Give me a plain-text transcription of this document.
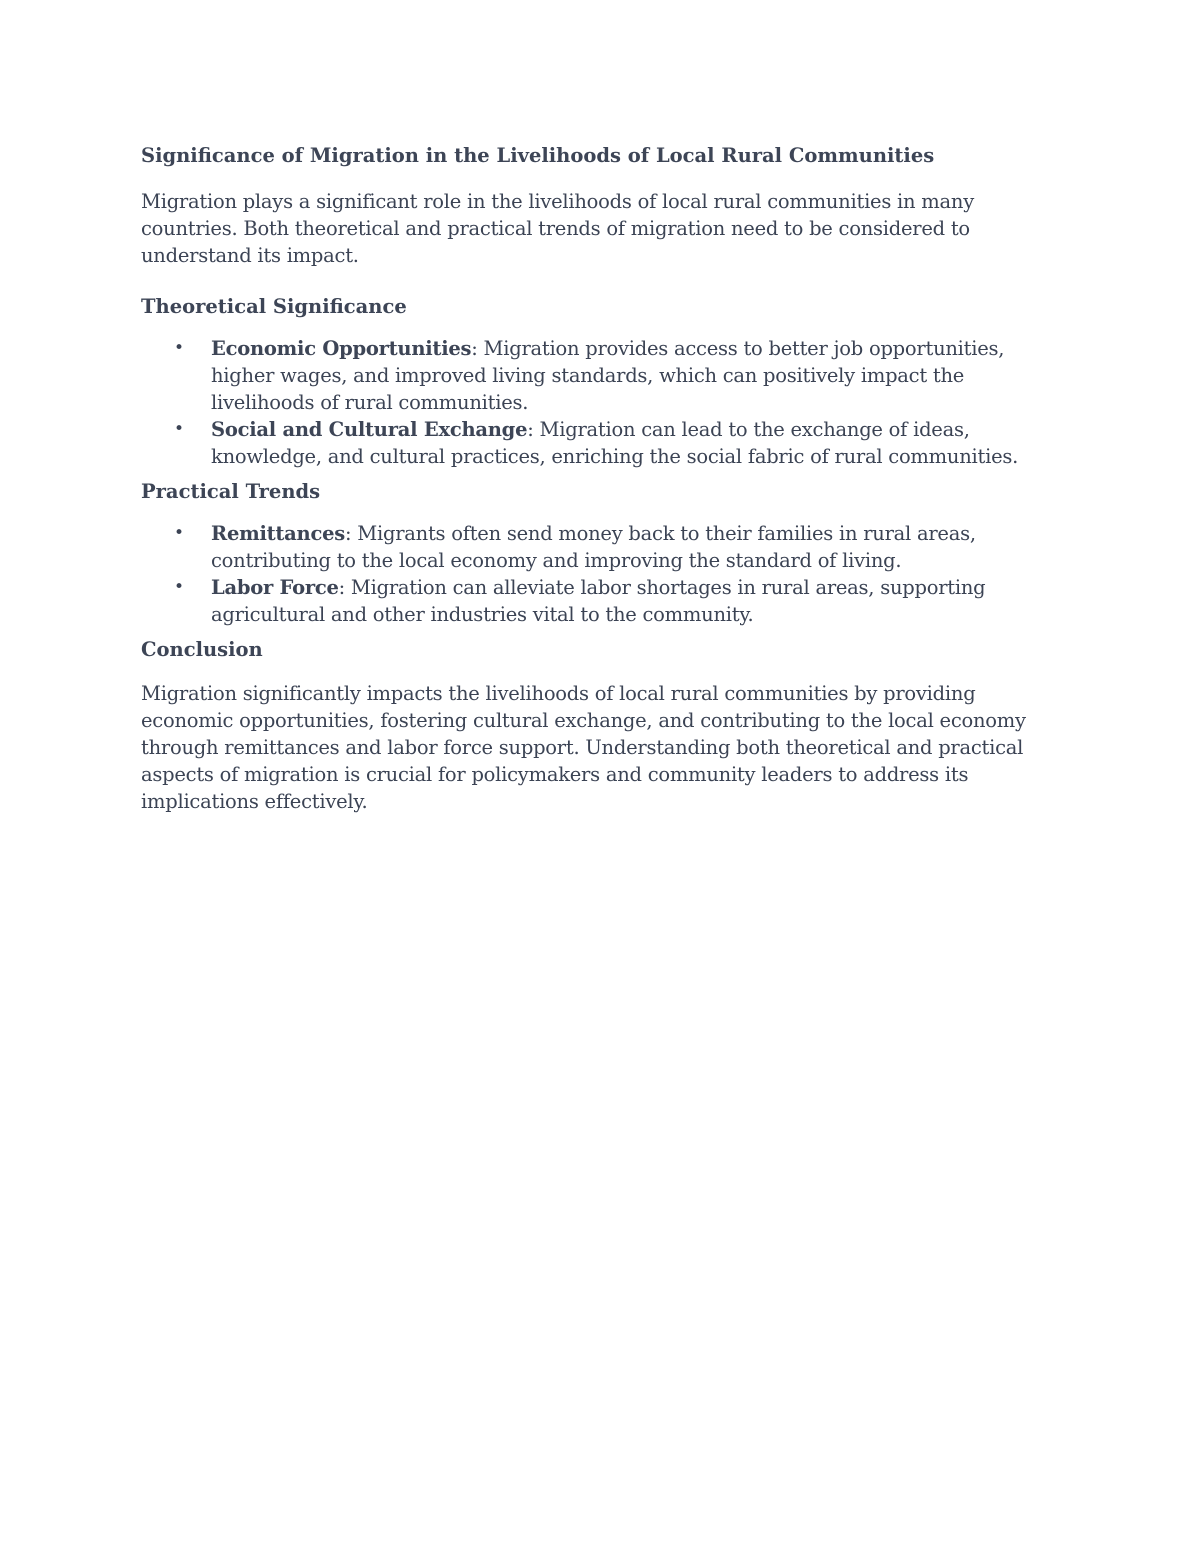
Significance of Migration in the Livelihoods of Local Rural Communities

Migration plays a significant role in the livelihoods of local rural communities in many countries. Both theoretical and practical trends of migration need to be considered to understand its impact.

Theoretical Significance
• Economic Opportunities: Migration provides access to better job opportunities, higher wages, and improved living standards, which can positively impact the livelihoods of rural communities.
• Social and Cultural Exchange: Migration can lead to the exchange of ideas, knowledge, and cultural practices, enriching the social fabric of rural communities.
Practical Trends
• Remittances: Migrants often send money back to their families in rural areas, contributing to the local economy and improving the standard of living.
• Labor Force: Migration can alleviate labor shortages in rural areas, supporting agricultural and other industries vital to the community.
Conclusion

Migration significantly impacts the livelihoods of local rural communities by providing economic opportunities, fostering cultural exchange, and contributing to the local economy through remittances and labor force support. Understanding both theoretical and practical aspects of migration is crucial for policymakers and community leaders to address its implications effectively.
